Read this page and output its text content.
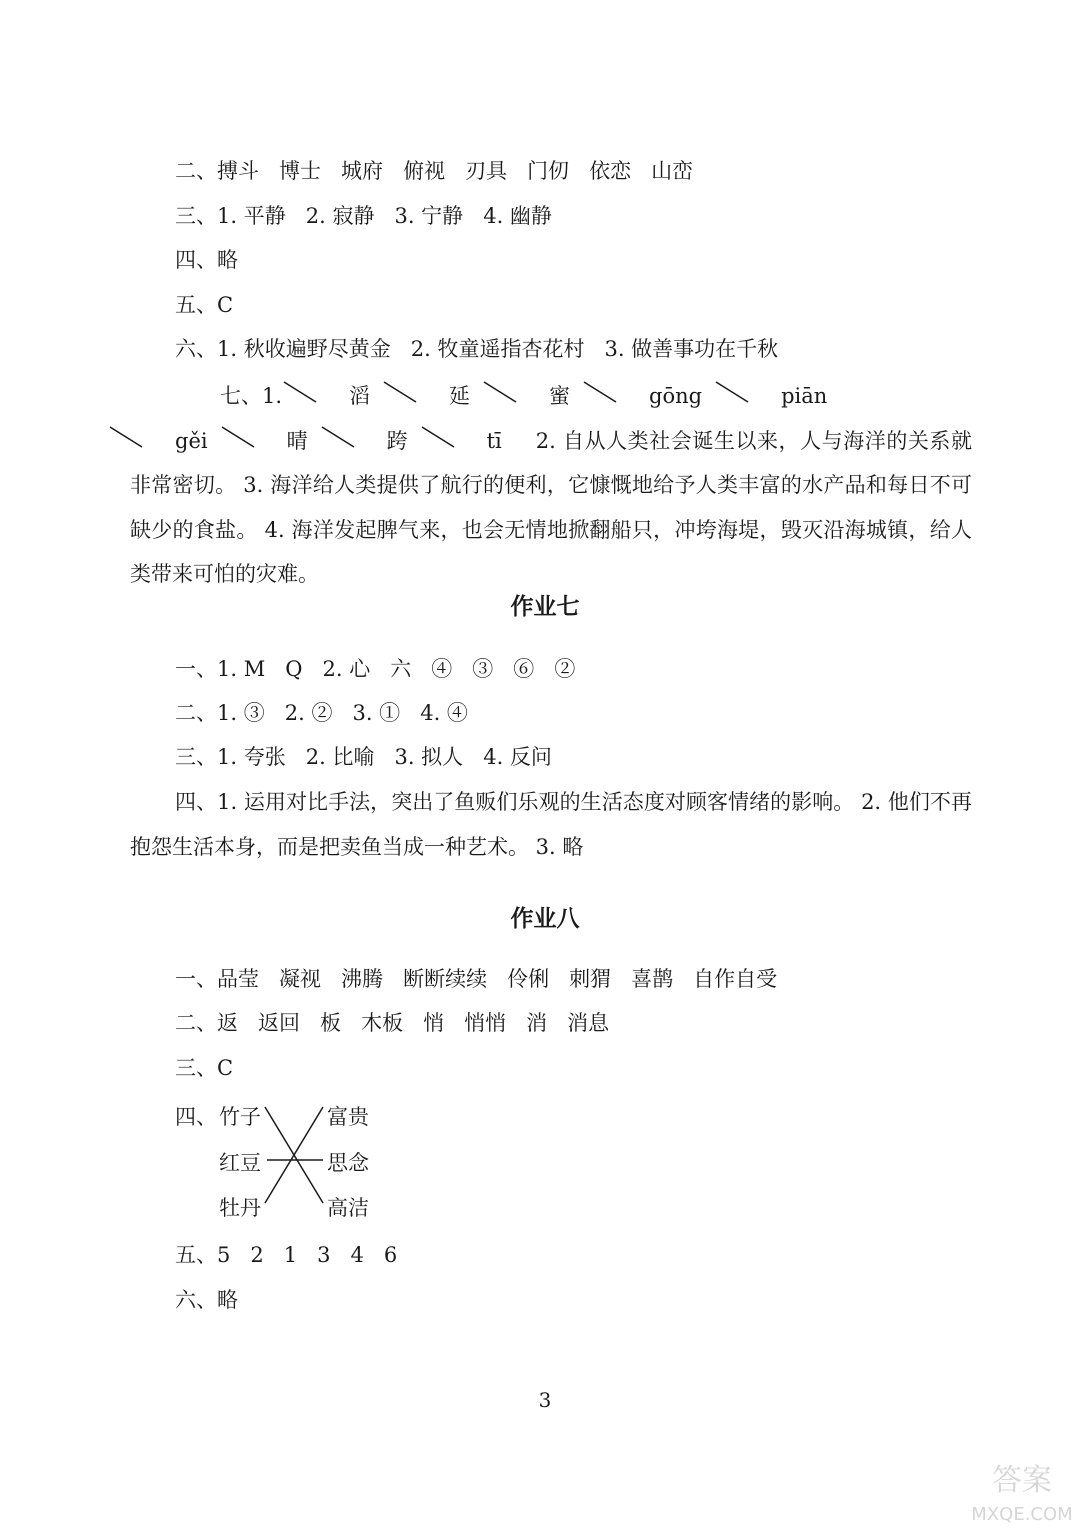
二、搏斗   博士   城府   俯视   刃具   门仞   依恋   山峦
三、1. 平静   2. 寂静   3. 宁静   4. 幽静
四、略
五、C
六、1. 秋收遍野尽黄金   2. 牧童遥指杏花村   3. 做善事功在千秋
七、1.	滔	延	蜜	gōng	piān
gěi	晴	跨	tī 2. 自从人类社会诞生以来，人与海洋的关系就非常密切。 3. 海洋给人类提供了航行的便利，它慷慨地给予人类丰富的水产品和每日不可缺少的食盐。 4. 海洋发起脾气来，也会无情地掀翻船只，冲垮海堤，毁灭沿海城镇，给人类带来可怕的灾难。
作业七
一、1. M   Q   2. 心   六   ④   ③   ⑥   ②
二、1. ③   2. ②   3. ①   4. ④
三、1. 夸张   2. 比喻   3. 拟人   4. 反问
四、1. 运用对比手法，突出了鱼贩们乐观的生活态度对顾客情绪的影响。 2. 他们不再抱怨生活本身，而是把卖鱼当成一种艺术。 3. 略
作业八
一、品莹   凝视   沸腾   断断续续   伶俐   刺猬   喜鹊   自作自受
二、返   返回   板   木板   悄   悄悄   消   消息
三、C
四、 竹子
红豆
牡丹
富贵
思念
高洁
五、5   2   1   3   4   6
六、略
3
答案
MXQE.COM
